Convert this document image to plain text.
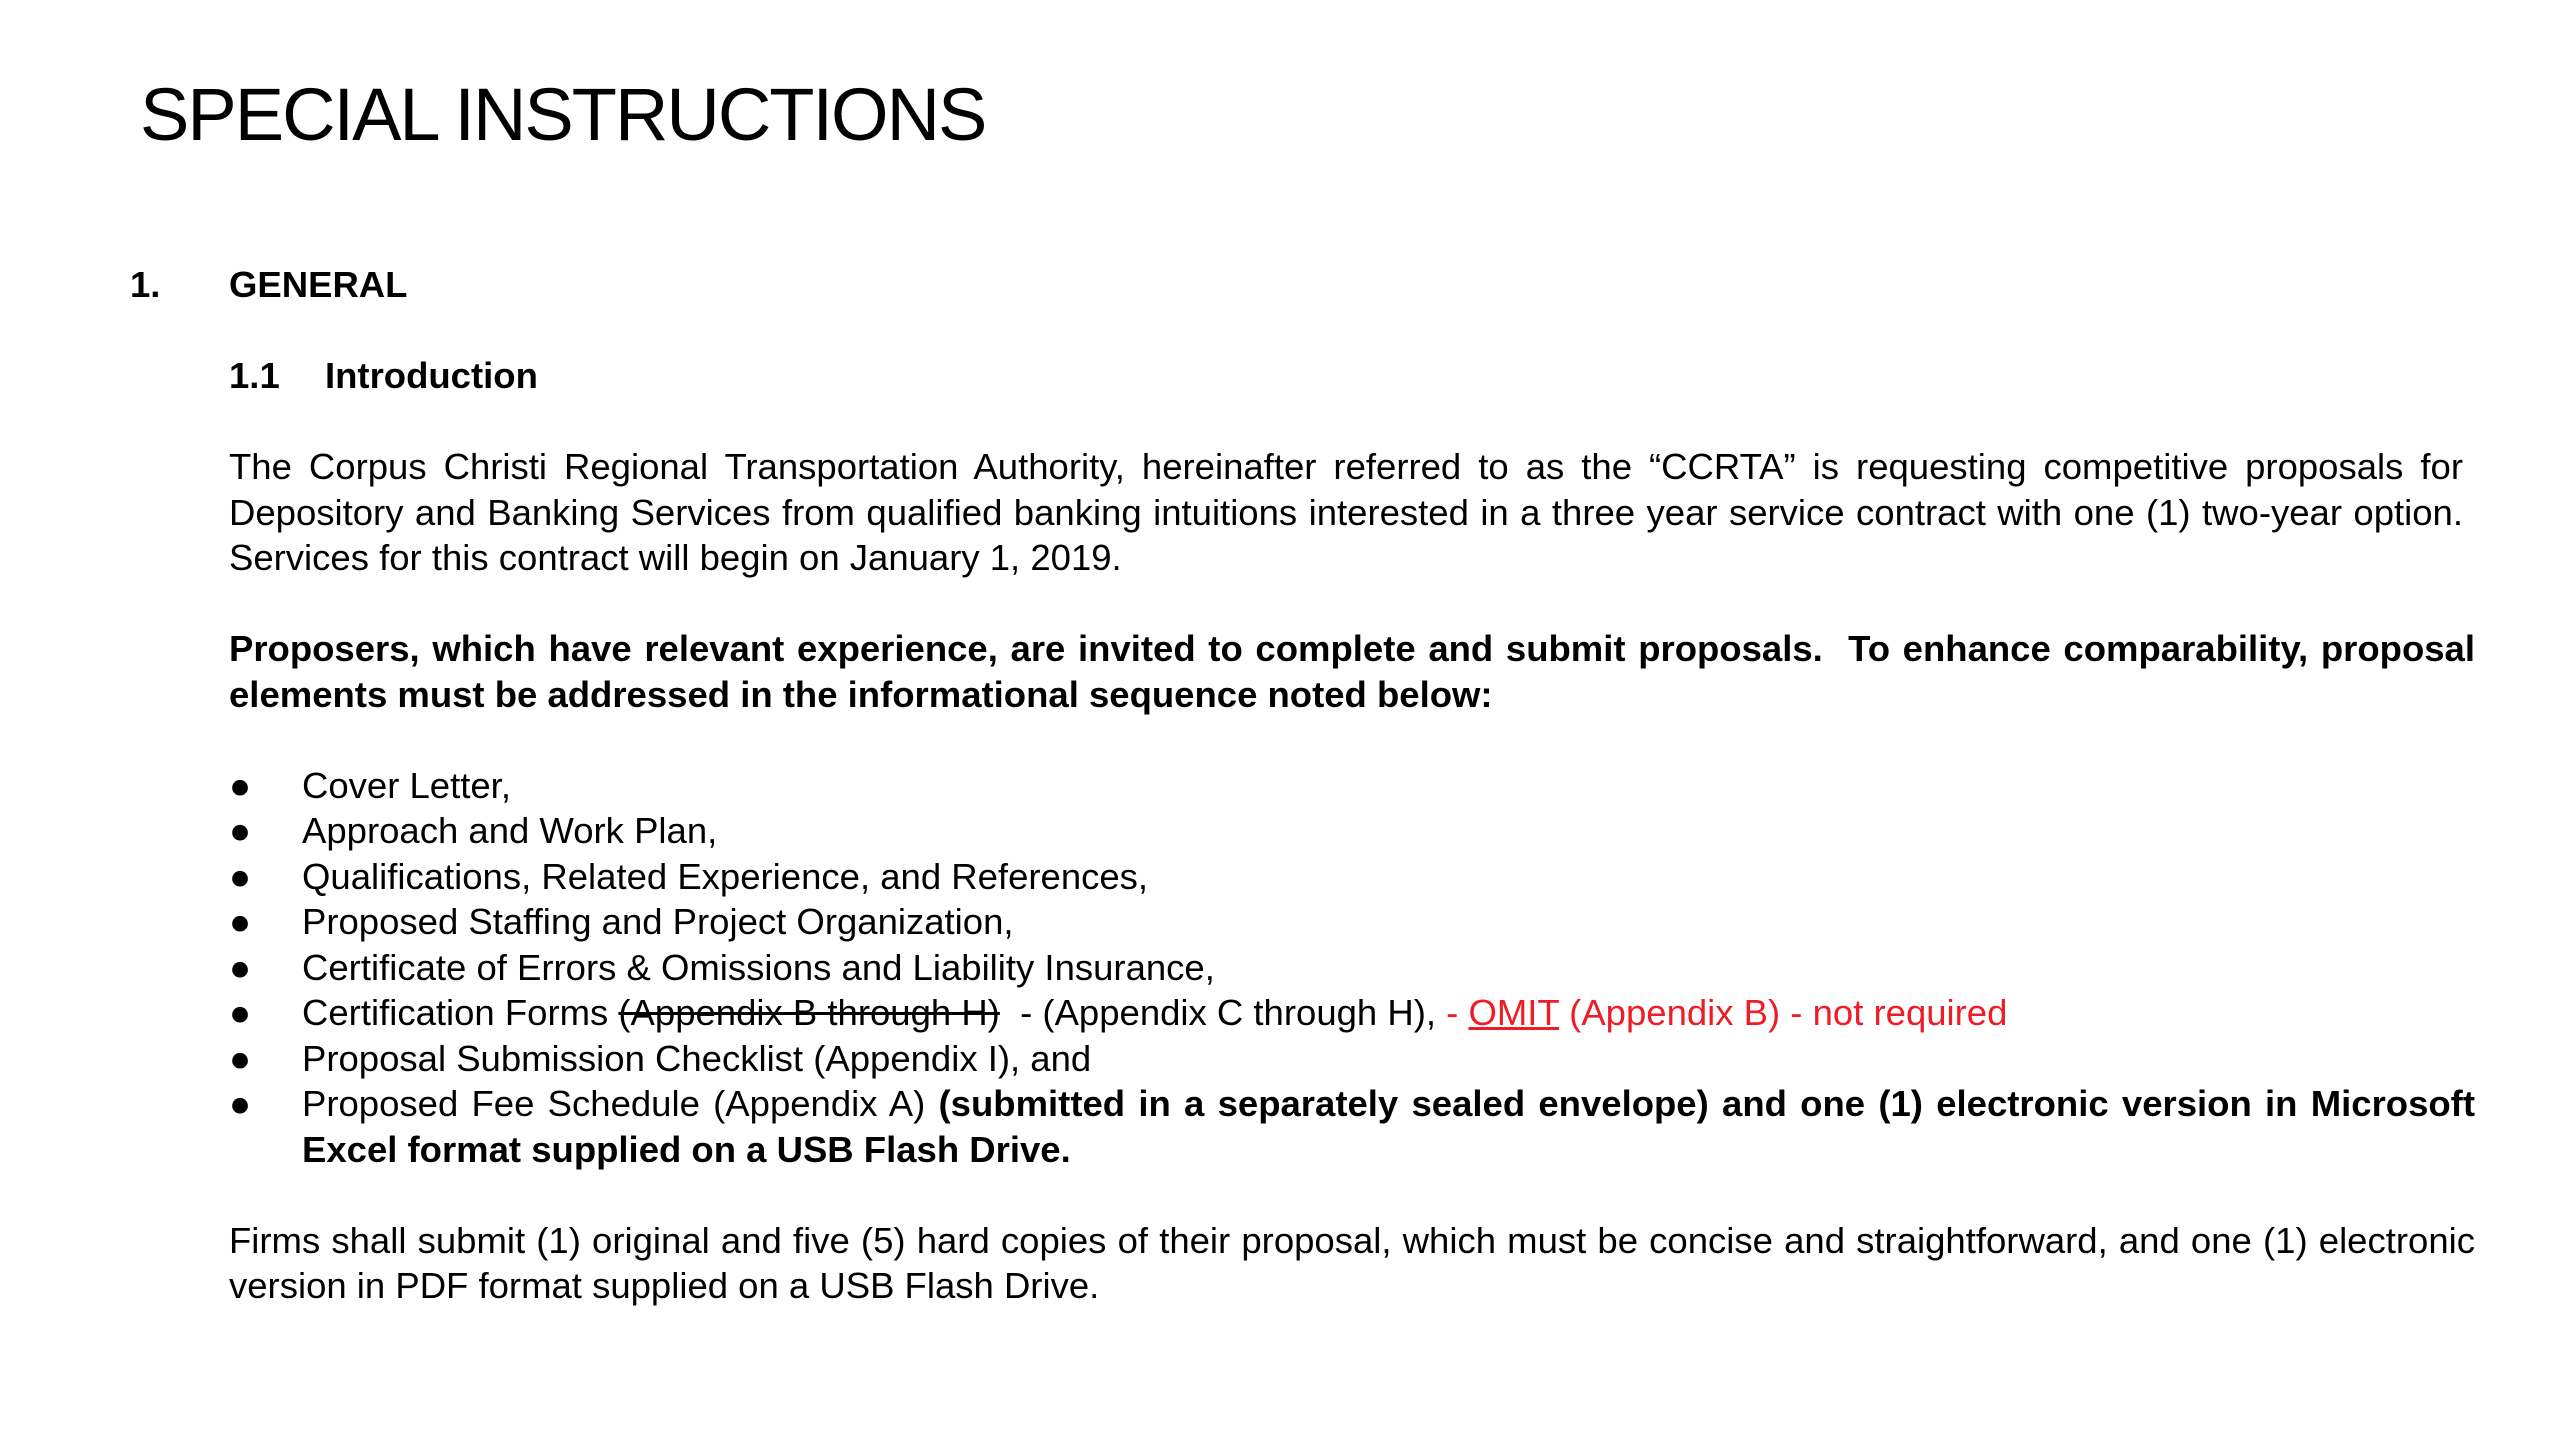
SPECIAL INSTRUCTIONS
1.	GENERAL
1.1	Introduction

The Corpus Christi Regional Transportation Authority, hereinafter referred to as the “CCRTA” is requesting competitive proposals for Depository and Banking Services from qualified banking intuitions interested in a three year service contract with one (1) two-year option. Services for this contract will begin on January 1, 2019.

Proposers, which have relevant experience, are invited to complete and submit proposals.  To enhance comparability, proposal elements must be addressed in the informational sequence noted below:

●	Cover Letter,
●	Approach and Work Plan,
●	Qualifications, Related Experience, and References,
●	Proposed Staffing and Project Organization,
●	Certificate of Errors & Omissions and Liability Insurance,
●	Certification Forms (Appendix B through H)  - (Appendix C through H), - OMIT (Appendix B) - not required
●	Proposal Submission Checklist (Appendix I), and
●	Proposed Fee Schedule (Appendix A) (submitted in a separately sealed envelope) and one (1) electronic version in Microsoft Excel format supplied on a USB Flash Drive.

Firms shall submit (1) original and five (5) hard copies of their proposal, which must be concise and straightforward, and one (1) electronic version in PDF format supplied on a USB Flash Drive.
